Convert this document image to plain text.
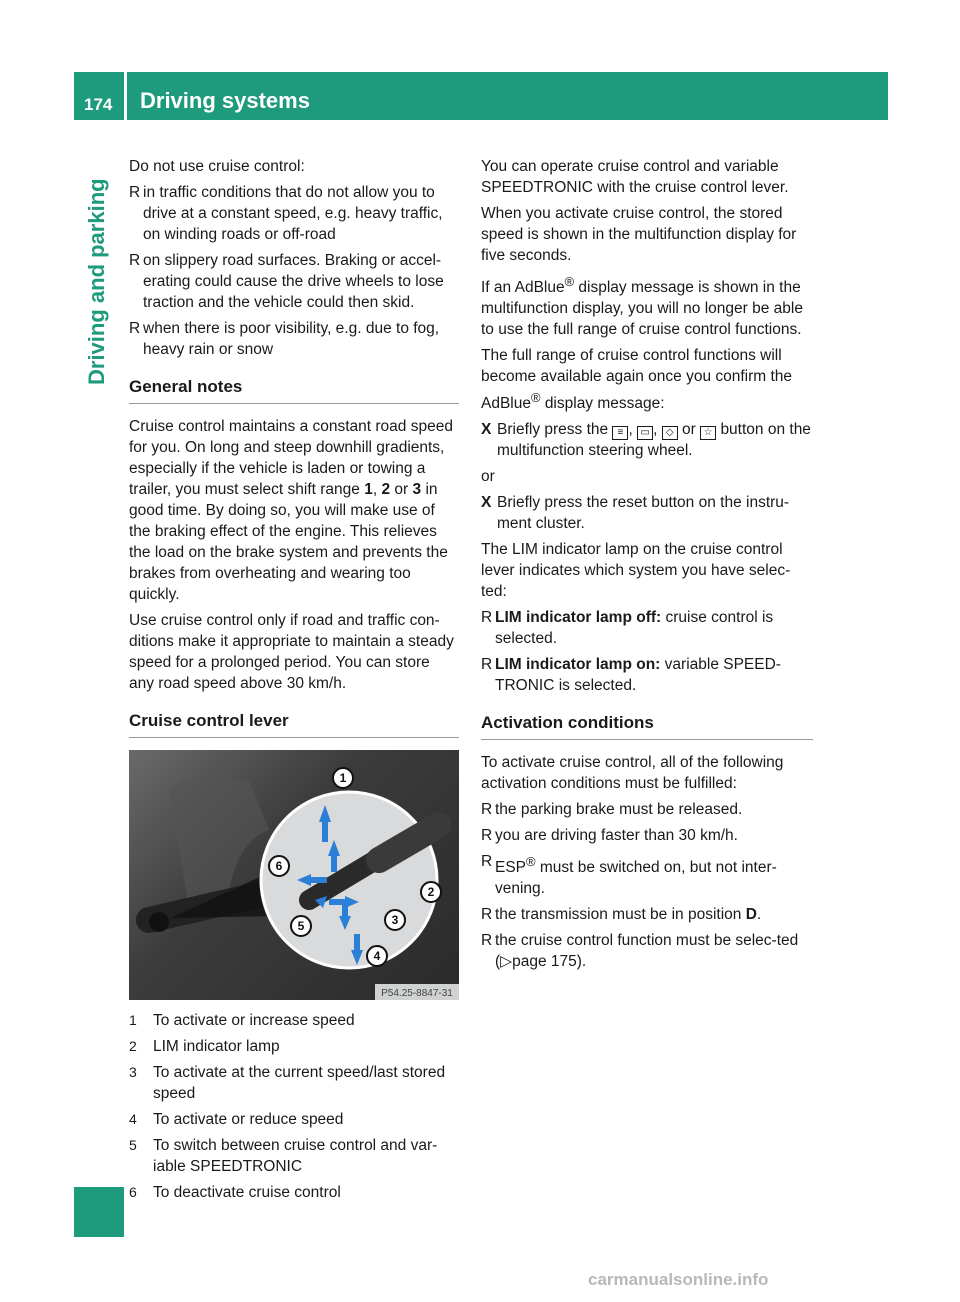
174 Driving systems
Driving and parking

Do not use cruise control:

R in traffic conditions that do not allow you to drive at a constant speed, e.g. heavy traffic, on winding roads or off-road
R on slippery road surfaces. Braking or accel-erating could cause the drive wheels to lose traction and the vehicle could then skid.
R when there is poor visibility, e.g. due to fog, heavy rain or snow
General notes

Cruise control maintains a constant road speed for you. On long and steep downhill gradients, especially if the vehicle is laden or towing a trailer, you must select shift range 1, 2 or 3 in good time. By doing so, you will make use of the braking effect of the engine. This relieves the load on the brake system and prevents the brakes from overheating and wearing too quickly.

Use cruise control only if road and traffic con-ditions make it appropriate to maintain a steady speed for a prolonged period. You can store any road speed above 30 km/h.

Cruise control lever
1
2
3
4
5
6
P54.25-8847-31
1 To activate or increase speed
2 LIM indicator lamp
3 To activate at the current speed/last stored speed
4 To activate or reduce speed
5 To switch between cruise control and var-iable SPEEDTRONIC
6 To deactivate cruise control

You can operate cruise control and variable SPEEDTRONIC with the cruise control lever.

When you activate cruise control, the stored speed is shown in the multifunction display for five seconds.

If an AdBlue® display message is shown in the multifunction display, you will no longer be able to use the full range of cruise control functions.

The full range of cruise control functions will become available again once you confirm the AdBlue® display message:

X Briefly press the ≡ , ▭ , ◇ or ☆ button on the multifunction steering wheel.

or

X Briefly press the reset button on the instru-ment cluster.

The LIM indicator lamp on the cruise control lever indicates which system you have selec-ted:

R LIM indicator lamp off: cruise control is selected.
R LIM indicator lamp on: variable SPEED-TRONIC is selected.
Activation conditions

To activate cruise control, all of the following activation conditions must be fulfilled:

R the parking brake must be released.
R you are driving faster than 30 km/h.
R ESP® must be switched on, but not inter-vening.
R the transmission must be in position D.
R the cruise control function must be selec-ted (▷page 175).
carmanualsonline.info
